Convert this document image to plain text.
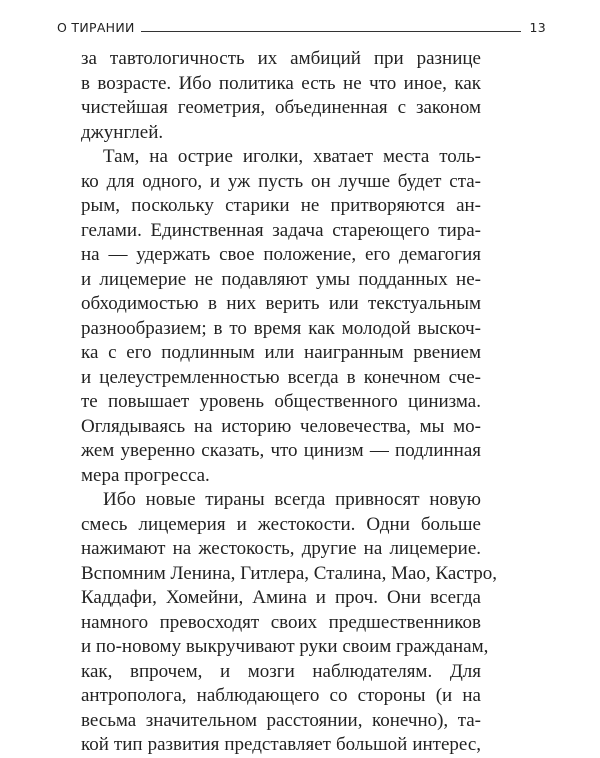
О ТИРАНИИ	13
за тавтологичность их амбиций при разнице
в возрасте. Ибо политика есть не что иное, как
чистейшая геометрия, объединенная с законом
джунглей.
Там, на острие иголки, хватает места толь-
ко для одного, и уж пусть он лучше будет ста-
рым, поскольку старики не притворяются ан-
гелами. Единственная задача стареющего тира-
на — удержать свое положение, его демагогия
и лицемерие не подавляют умы подданных не-
обходимостью в них верить или текстуальным
разнообразием; в то время как молодой выскоч-
ка с его подлинным или наигранным рвением
и целеустремленностью всегда в конечном сче-
те повышает уровень общественного цинизма.
Оглядываясь на историю человечества, мы мо-
жем уверенно сказать, что цинизм — подлинная
мера прогресса.
Ибо новые тираны всегда привносят новую
смесь лицемерия и жестокости. Одни больше
нажимают на жестокость, другие на лицемерие.
Вспомним Ленина, Гитлера, Сталина, Мао, Кастро,
Каддафи, Хомейни, Амина и проч. Они всегда
намного превосходят своих предшественников
и по-новому выкручивают руки своим гражданам,
как, впрочем, и мозги наблюдателям. Для
антрополога, наблюдающего со стороны (и на
весьма значительном расстоянии, конечно), та-
кой тип развития представляет большой интерес,
